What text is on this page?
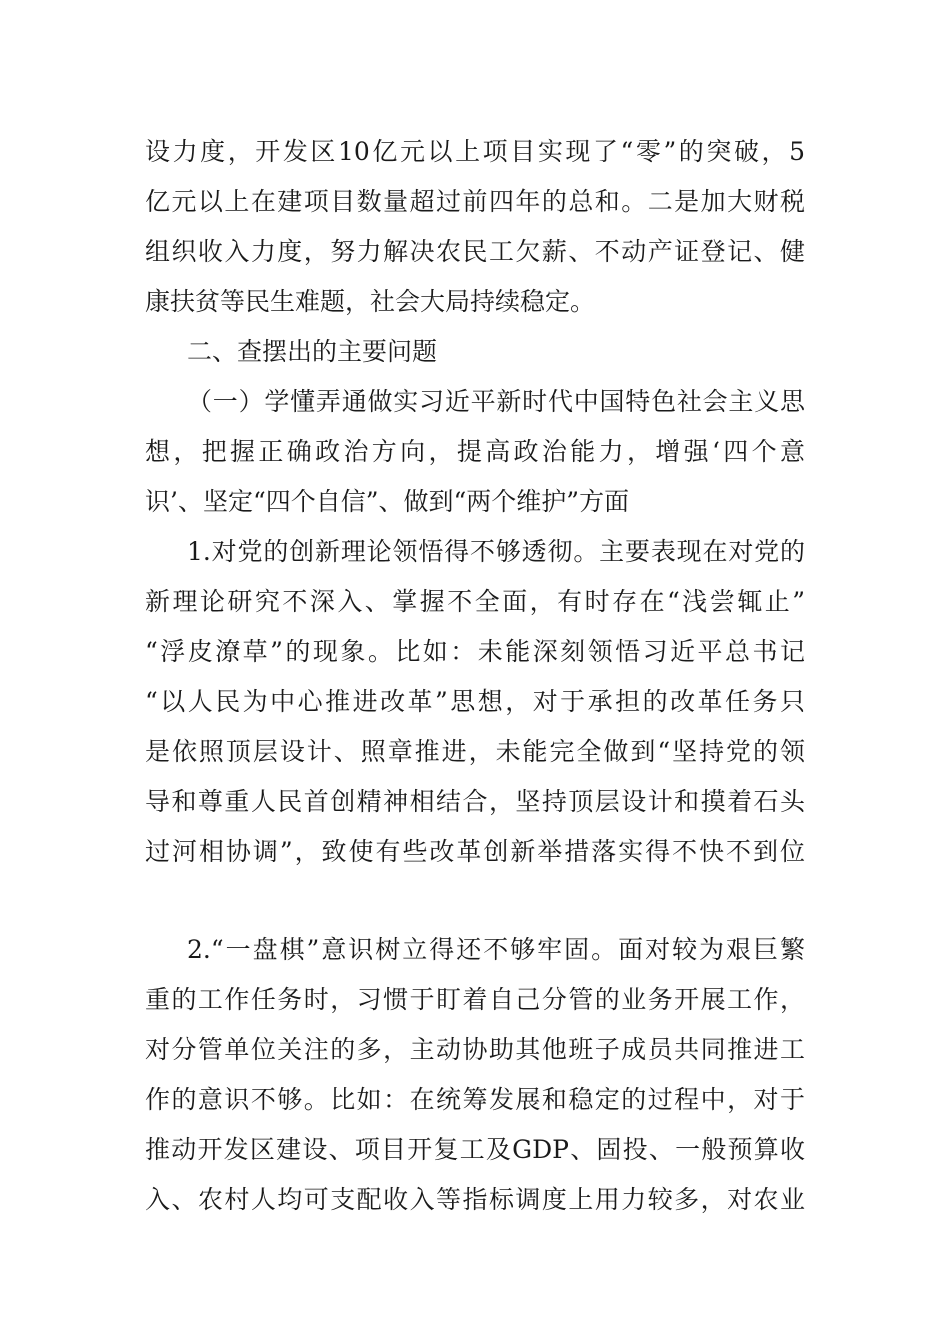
设力度，开发区10亿元以上项目实现了“零”的突破，5
亿元以上在建项目数量超过前四年的总和。二是加大财税
组织收入力度，努力解决农民工欠薪、不动产证登记、健
康扶贫等民生难题，社会大局持续稳定。
二、查摆出的主要问题
（一）学懂弄通做实习近平新时代中国特色社会主义思
想，把握正确政治方向，提高政治能力，增强‘四个意
识’、坚定“四个自信”、做到“两个维护”方面
1.对党的创新理论领悟得不够透彻。主要表现在对党的
新理论研究不深入、掌握不全面，有时存在“浅尝辄止”
“浮皮潦草”的现象。比如：未能深刻领悟习近平总书记
“以人民为中心推进改革”思想，对于承担的改革任务只
是依照顶层设计、照章推进，未能完全做到“坚持党的领
导和尊重人民首创精神相结合，坚持顶层设计和摸着石头
过河相协调”，致使有些改革创新举措落实得不快不到位
2.“一盘棋”意识树立得还不够牢固。面对较为艰巨繁
重的工作任务时，习惯于盯着自己分管的业务开展工作，
对分管单位关注的多，主动协助其他班子成员共同推进工
作的意识不够。比如：在统筹发展和稳定的过程中，对于
推动开发区建设、项目开复工及GDP、固投、一般预算收
入、农村人均可支配收入等指标调度上用力较多，对农业
